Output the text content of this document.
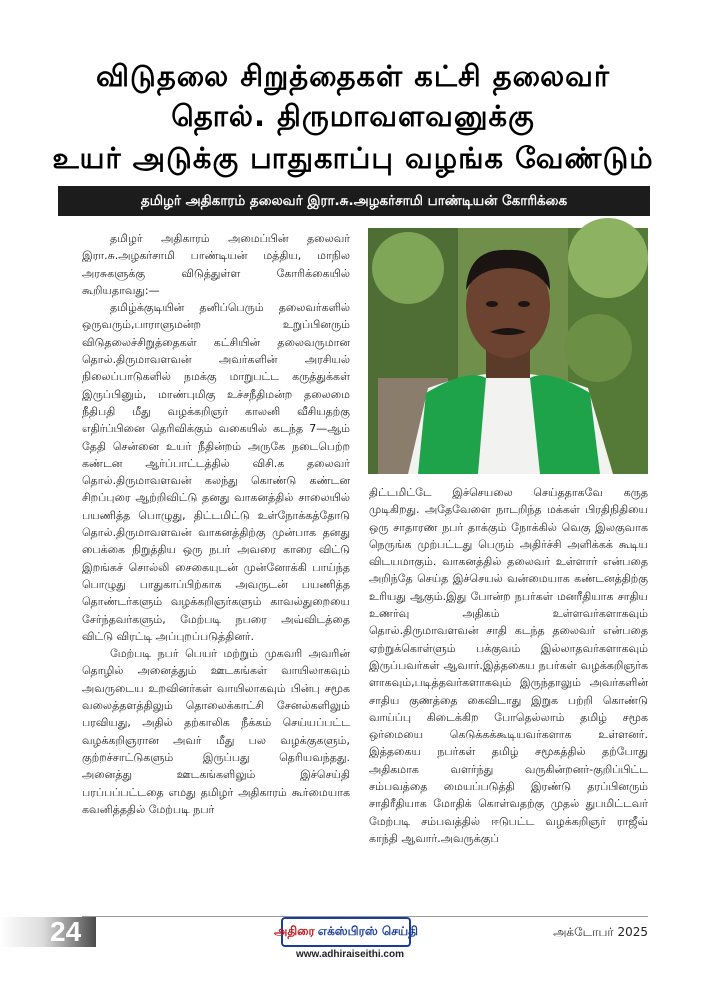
விடுதலை சிறுத்தைகள் கட்சி தலைவர்
தொல். திருமாவளவனுக்கு
உயர் அடுக்கு பாதுகாப்பு வழங்க வேண்டும்
தமிழர் அதிகாரம் தலைவர் இரா.சு.அழகர்சாமி பாண்டியன் கோரிக்கை

தமிழர் அதிகாரம் அமைப்பின் தலைவர் இரா.சு.அழகர்சாமி பாண்டியன் மத்திய, மாநில அரசுகளுக்கு விடுத்துள்ள கோரிக்கையில் கூறியதாவது:—

தமிழ்க்குடியின் தனிப்பெரும் தலைவர்களில் ஒருவரும்,பாராளுமன்ற உறுப்பினரும் விடுதலைச்சிறுத்தைகள் கட்சியின் தலைவருமான தொல்.திருமாவளவன் அவர்களின் அரசியல் நிலைப்பாடுகளில் நமக்கு மாறுபட்ட கருத்துக்கள் இருப்பினும், மாண்புமிகு உச்சநீதிமன்ற தலைமை நீதிபதி மீது வழக்கறிஞர் காலனி வீசியதற்கு எதிர்ப்பினை தெரிவிக்கும் வகையில் கடந்த 7—ஆம் தேதி சென்னை உயர் நீதின்றம் அருகே நடைபெற்ற கண்டன ஆர்ப்பாட்டத்தில் விசி.க தலைவர் தொல்.திருமாவளவன் கலந்து கொண்டு கண்டன சிறப்புரை ஆற்றிவிட்டு தனது வாகனத்தில் சாலையில் பயணித்த பொழுது, திட்டமிட்டு உள்நோக்கத்தோடு தொல்.திருமாவளவன் வாகனத்திற்கு முன்பாக தனது பைக்கை நிறுத்திய ஒரு நபர் அவரை காரை விட்டு இறங்கச் சொல்லி சைகையுடன் முன்னோக்கி பாய்ந்த பொழுது பாதுகாப்பிற்காக அவருடன் பயணித்த தொண்டர்களும் வழக்கறிஞர்களும் காவல்துறையை சேர்ந்தவர்களும், மேற்படி நபரை அவ்விடத்தை விட்டு விரட்டி அப்புறப்படுத்தினர்.

மேற்படி நபர் பெயர் மற்றும் முகவரி அவரின் தொழில் அனைத்தும் ஊடகங்கள் வாயிலாகவும் அவருடைய உறவினர்கள் வாயிலாகவும் பின்பு சமூக வலைத்தளத்திலும் தொலைக்காட்சி சேனல்களிலும் பரவியது, அதில் தற்காலிக நீக்கம் செய்யப்பட்ட வழக்கறிஞரான அவர் மீது பல வழக்குகளும், குற்றச்சாட்டுகளும் இருப்பது தெரியவந்தது. அனைத்து ஊடகங்களிலும் இச்செய்தி பரப்பப்பட்டதை எமது தமிழர் அதிகாரம் கூர்மையாக கவனித்ததில் மேற்படி நபர்

திட்டமிட்டே இச்செயலை செய்ததாகவே கருத முடிகிறது. அதேவேளை நாடறிந்த மக்கள் பிரதிநிதியை ஒரு சாதாரண நபர் தாக்கும் நோக்கில் வெகு இலகுவாக நெருங்க முற்பட்டது பெரும் அதிர்ச்சி அளிக்கக் கூடிய விடயமாகும். வாகனத்தில் தலைவர் உள்ளார் என்பதை அறிந்தே செய்த இச்செயல் வன்மையாக கண்டனத்திற்கு உரியது ஆகும்.இது போன்ற நபர்கள் மனரீதியாக சாதிய உணர்வு அதிகம் உள்ளவர்களாகவும் தொல்.திருமாவளவன் சாதி கடந்த தலைவர் என்பதை ஏற்றுக்கொள்ளும் பக்குவம் இல்லாதவர்களாகவும் இருப்பவர்கள் ஆவார்.இத்தகைய நபர்கள் வழக்கறிஞர்க ளாகவும்,படித்தவர்களாகவும் இருந்தாலும் அவர்களின் சாதிய குணத்தை கைவிடாது இறுக பற்றி கொண்டு வாய்ப்பு கிடைக்கிற போதெல்லாம் தமிழ் சமூக ஒர்மையை கெடுக்கக்கூடியவர்களாக உள்ளனர். இத்தகைய நபர்கள் தமிழ் சமூகத்தில் தற்போது அதிகமாக வளர்ந்து வருகின்றனர்-குறிப்பிட்ட சம்பவத்தை மையப்படுத்தி இரண்டு தரப்பினரும் சாதிரீதியாக மோதிக் கொள்வதற்கு முதல் துபமிட்டவர் மேற்படி சம்பவத்தில் ஈடுபட்ட வழக்கறிஞர் ராஜீவ் காந்தி ஆவார்.அவருக்குப்

24	அதிரை எக்ஸ்பிரஸ் செய்தி
www.adhiraiseithi.com
அக்டோபர் 2025
